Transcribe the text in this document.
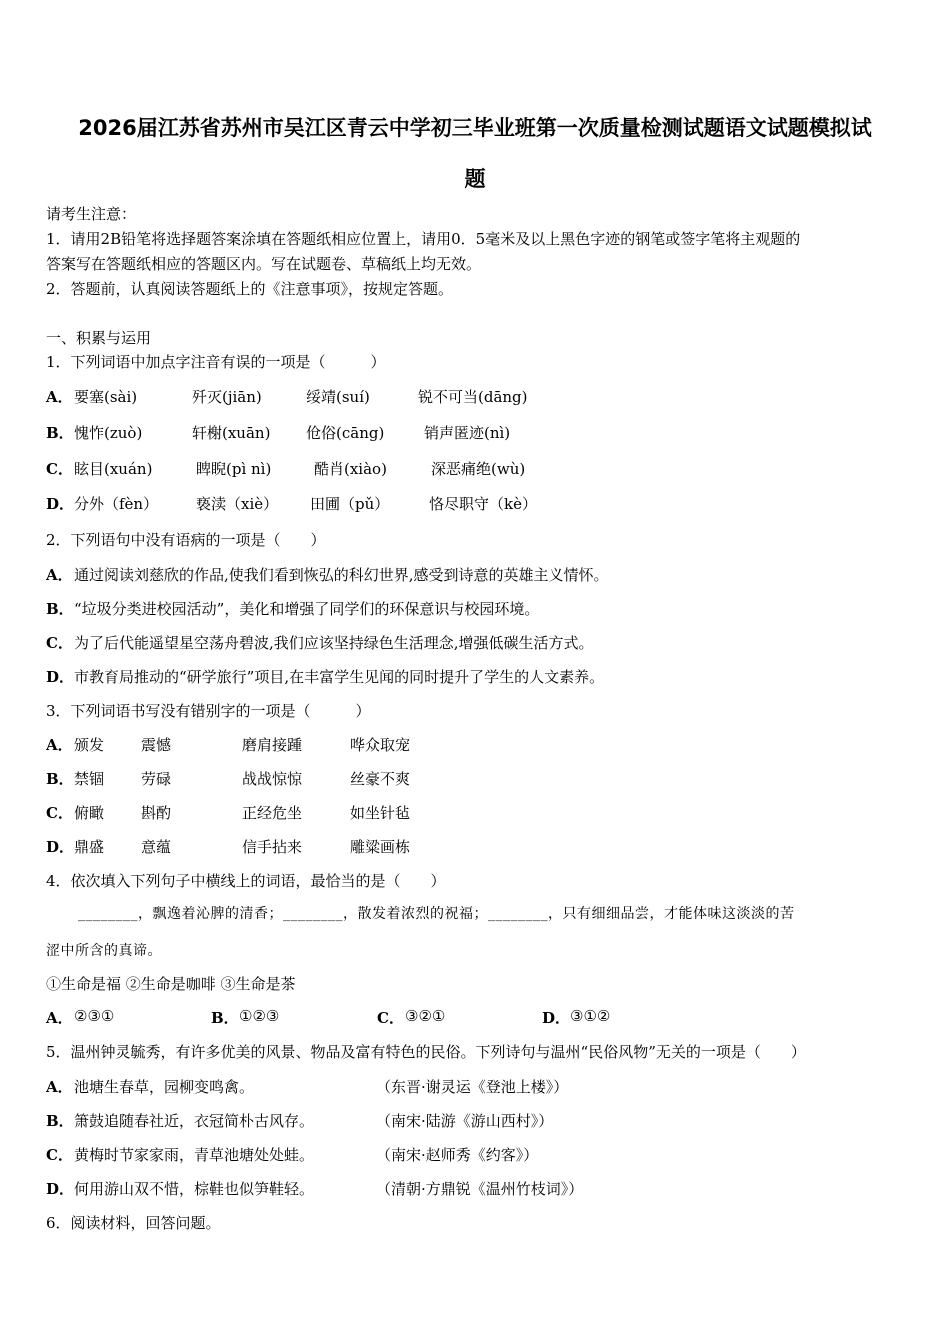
2026届江苏省苏州市吴江区青云中学初三毕业班第一次质量检测试题语文试题模拟试
题
请考生注意：
1．请用2B铅笔将选择题答案涂填在答题纸相应位置上，请用0．5毫米及以上黑色字迹的钢笔或签字笔将主观题的
答案写在答题纸相应的答题区内。写在试题卷、草稿纸上均无效。
2．答题前，认真阅读答题纸上的《注意事项》，按规定答题。
一、积累与运用
1．下列词语中加点字注音有误的一项是（　　　）
A． 要塞(sài)	歼灭(jiān)	绥靖(suí)	锐不可当(dāng)
B． 愧怍(zuò)	轩榭(xuān) 伧俗(cāng)	销声匿迹(nì)
C． 眩目(xuán)	睥睨(pì nì)	酷肖(xiào)	深恶痛绝(wù)
D． 分外（fèn）	亵渎（xiè） 田圃（pǔ）	恪尽职守（kè）
2．下列语句中没有语病的一项是（　　）
A． 通过阅读刘慈欣的作品,使我们看到恢弘的科幻世界,感受到诗意的英雄主义情怀。
B． “垃圾分类进校园活动”，美化和增强了同学们的环保意识与校园环境。
C． 为了后代能遥望星空荡舟碧波,我们应该坚持绿色生活理念,增强低碳生活方式。
D． 市教育局推动的“研学旅行”项目,在丰富学生见闻的同时提升了学生的人文素养。
3．下列词语书写没有错别字的一项是（　　　）
A． 颁发 震憾	磨肩接踵	哗众取宠
B． 禁锢 劳碌	战战惊惊	丝豪不爽
C． 俯瞰 斟酌	正经危坐	如坐针毡
D． 鼎盛 意蕴	信手拈来	雕粱画栋
4．依次填入下列句子中横线上的词语，最恰当的是（　　）
________，飘逸着沁脾的清香；________，散发着浓烈的祝福；________，只有细细品尝，才能体味这淡淡的苦
涩中所含的真谛。
①生命是福 ②生命是咖啡 ③生命是茶
A． ②③①	B． ①②③	C． ③②①	D． ③①②
5．温州钟灵毓秀，有许多优美的风景、物品及富有特色的民俗。下列诗句与温州“民俗风物”无关的一项是（　　）
A． 池塘生春草，园柳变鸣禽。	（东晋·谢灵运《登池上楼》）
B． 箫鼓追随春社近，衣冠简朴古风存。	（南宋·陆游《游山西村》）
C． 黄梅时节家家雨，青草池塘处处蛙。	（南宋·赵师秀《约客》）
D． 何用游山双不惜，棕鞋也似笋鞋轻。	（清朝·方鼎锐《温州竹枝词》）
6．阅读材料，回答问题。
